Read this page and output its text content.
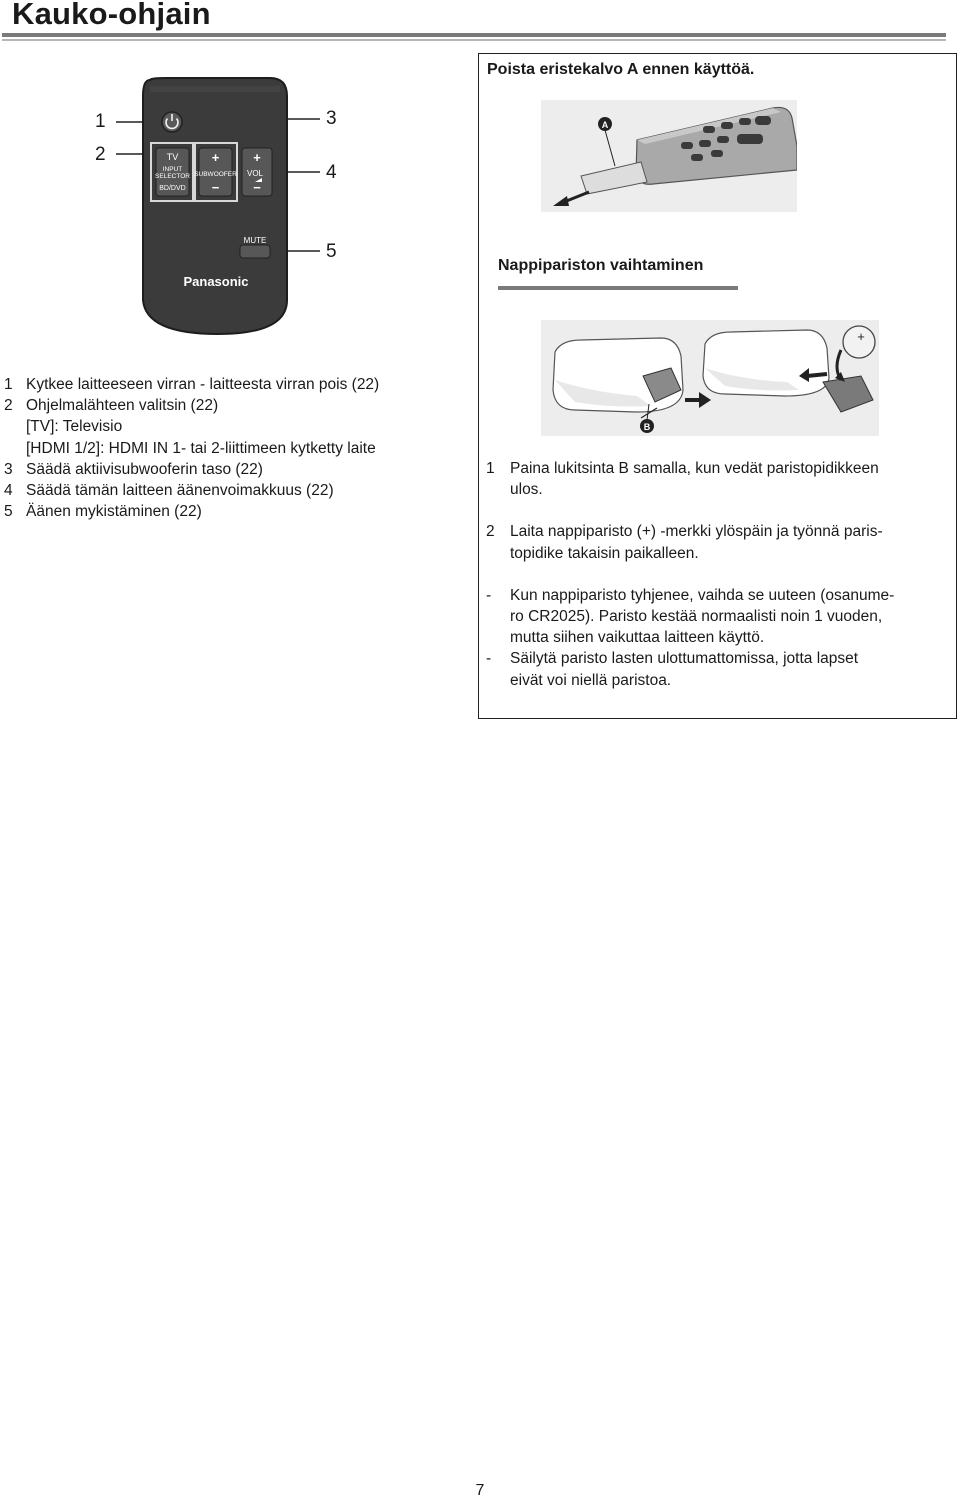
Kauko-ohjain
1
2
3
4
5
TV
INPUT
SELECTOR
BD/DVD
+
SUBWOOFER
−
+
VOL
−
MUTE
Panasonic
1 Kytkee laitteeseen virran - laitteesta virran pois (22)
2 Ohjelmalähteen valitsin (22)
[TV]: Televisio
[HDMI 1/2]: HDMI IN 1- tai 2-liittimeen kytketty laite
3 Säädä aktiivisubwooferin taso (22)
4 Säädä tämän laitteen äänenvoimakkuus (22)
5 Äänen mykistäminen (22)
Poista eristekalvo A ennen käyttöä.
A
Nappipariston vaihtaminen
B
+
1 Paina lukitsinta B samalla, kun vedät paristopidikkeen
ulos.
2 Laita nappiparisto (+) -merkki ylöspäin ja työnnä paris-
topidike takaisin paikalleen.
-	Kun nappiparisto tyhjenee, vaihda se uuteen (osanume-
ro CR2025). Paristo kestää normaalisti noin 1 vuoden,
mutta siihen vaikuttaa laitteen käyttö.
-	Säilytä paristo lasten ulottumattomissa, jotta lapset
eivät voi niellä paristoa.
7
